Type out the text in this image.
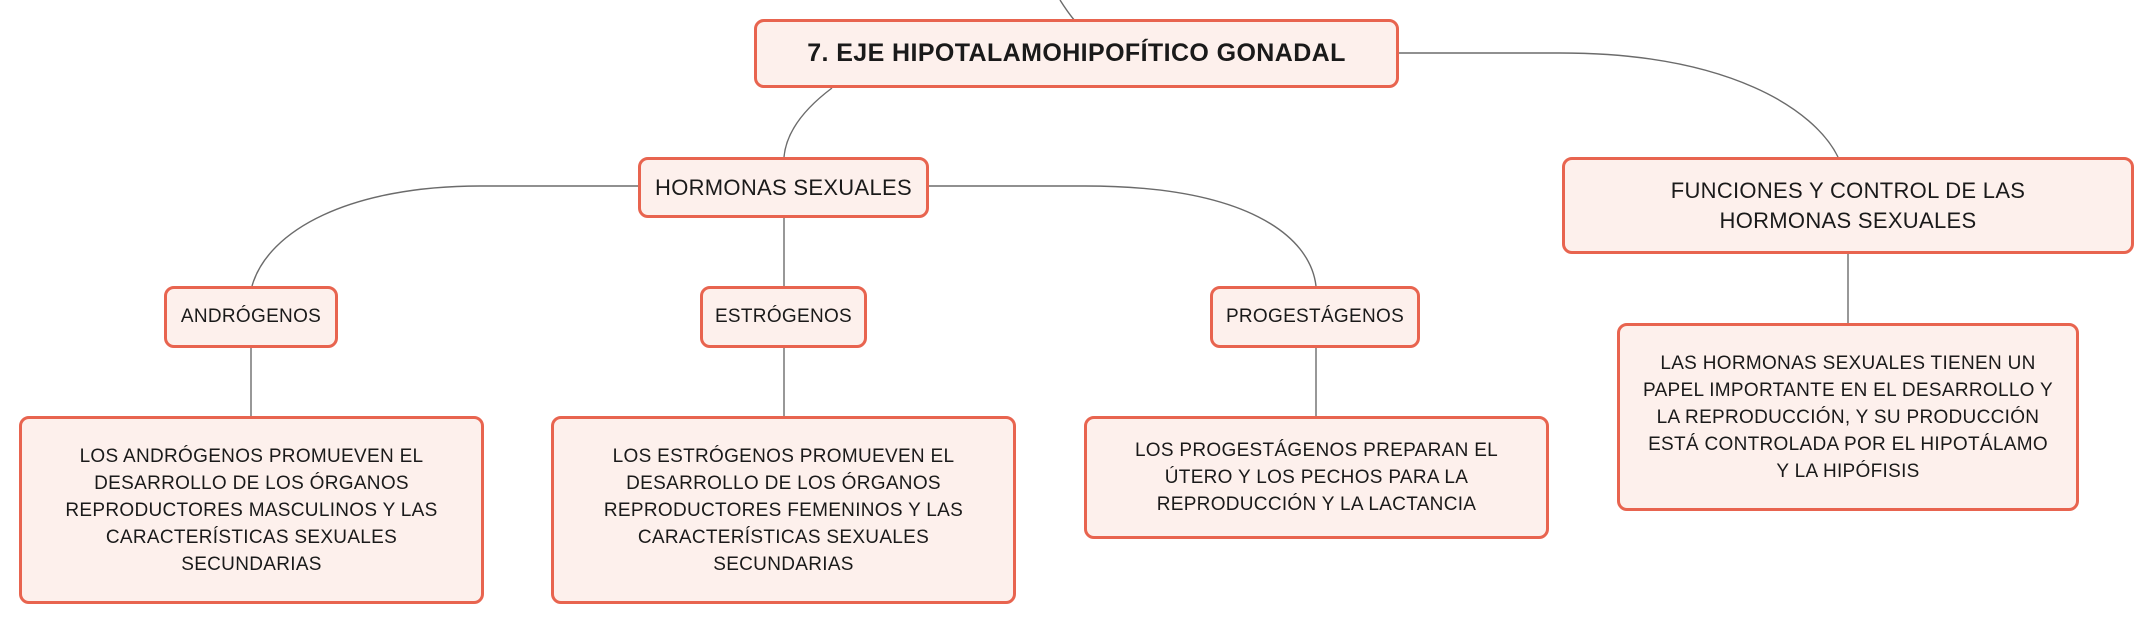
7. EJE HIPOTALAMOHIPOFÍTICO GONADAL
HORMONAS SEXUALES	FUNCIONES Y CONTROL DE LAS HORMONAS SEXUALES
ANDRÓGENOS	ESTRÓGENOS	PROGESTÁGENOS
LOS ANDRÓGENOS PROMUEVEN EL DESARROLLO DE LOS ÓRGANOS REPRODUCTORES MASCULINOS Y LAS CARACTERÍSTICAS SEXUALES SECUNDARIAS
LOS ESTRÓGENOS PROMUEVEN EL DESARROLLO DE LOS ÓRGANOS REPRODUCTORES FEMENINOS Y LAS CARACTERÍSTICAS SEXUALES SECUNDARIAS
LOS PROGESTÁGENOS PREPARAN EL ÚTERO Y LOS PECHOS PARA LA REPRODUCCIÓN Y LA LACTANCIA
LAS HORMONAS SEXUALES TIENEN UN PAPEL IMPORTANTE EN EL DESARROLLO Y LA REPRODUCCIÓN, Y SU PRODUCCIÓN ESTÁ CONTROLADA POR EL HIPOTÁLAMO Y LA HIPÓFISIS
